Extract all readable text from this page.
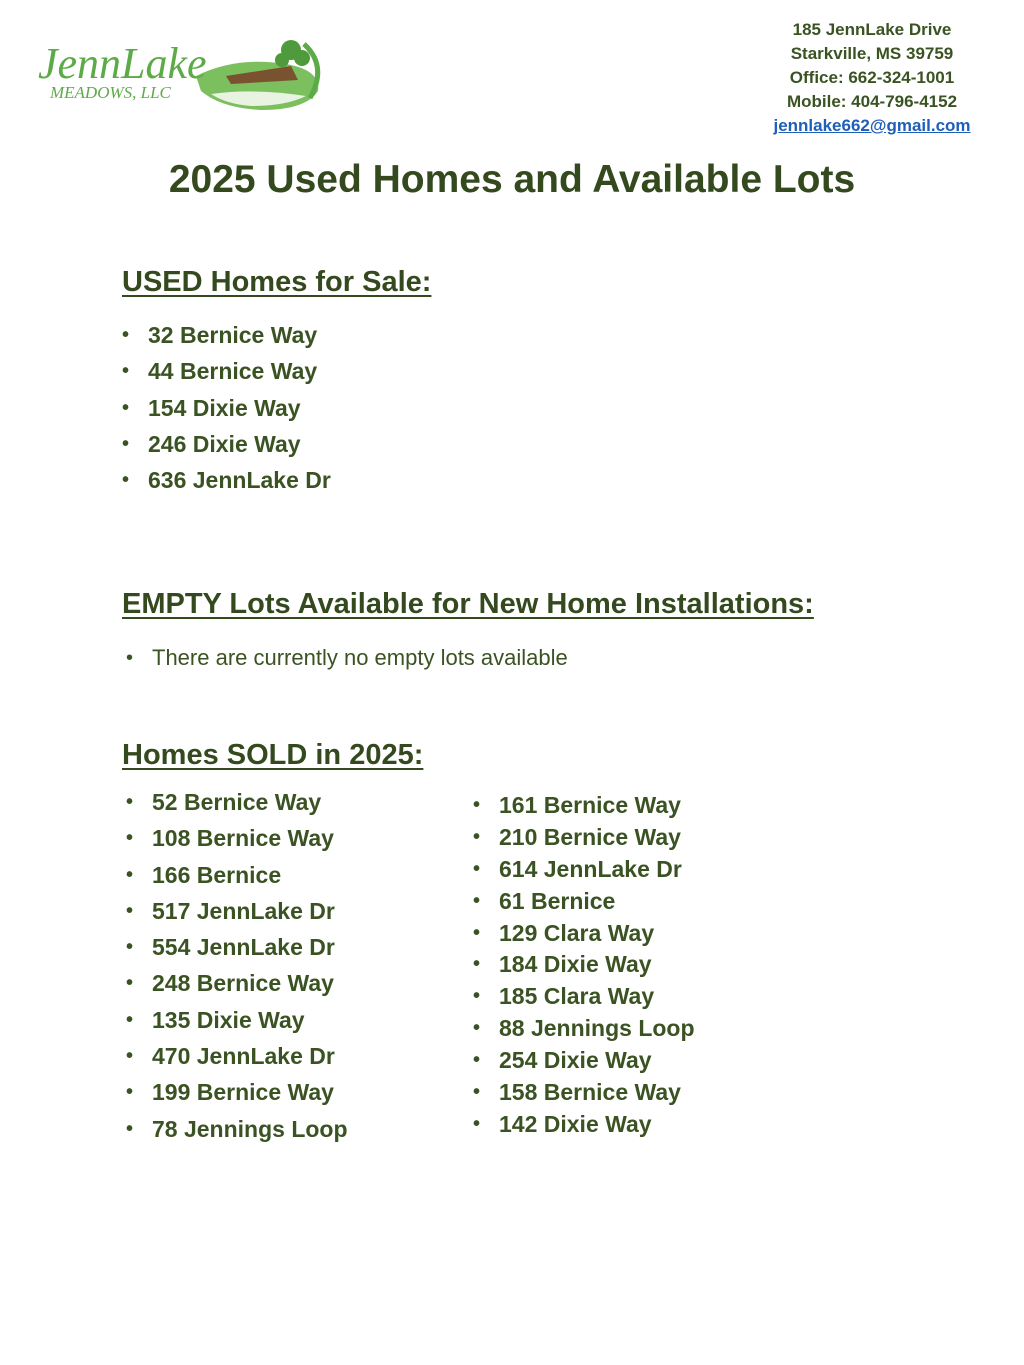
JennLake
MEADOWS, LLC
185 JennLake Drive
Starkville, MS 39759
Office: 662-324-1001
Mobile: 404-796-4152
jennlake662@gmail.com
2025 Used Homes and Available Lots
USED Homes for Sale:
• 32 Bernice Way
• 44 Bernice Way
• 154 Dixie Way
• 246 Dixie Way
• 636 JennLake Dr
EMPTY Lots Available for New Home Installations:
• There are currently no empty lots available
Homes SOLD in 2025:
• 52 Bernice Way
• 108 Bernice Way
• 166 Bernice
• 517 JennLake Dr
• 554 JennLake Dr
• 248 Bernice Way
• 135 Dixie Way
• 470 JennLake Dr
• 199 Bernice Way
• 78 Jennings Loop
• 161 Bernice Way
• 210 Bernice Way
• 614 JennLake Dr
• 61 Bernice
• 129 Clara Way
• 184 Dixie Way
• 185 Clara Way
• 88 Jennings Loop
• 254 Dixie Way
• 158 Bernice Way
• 142 Dixie Way
